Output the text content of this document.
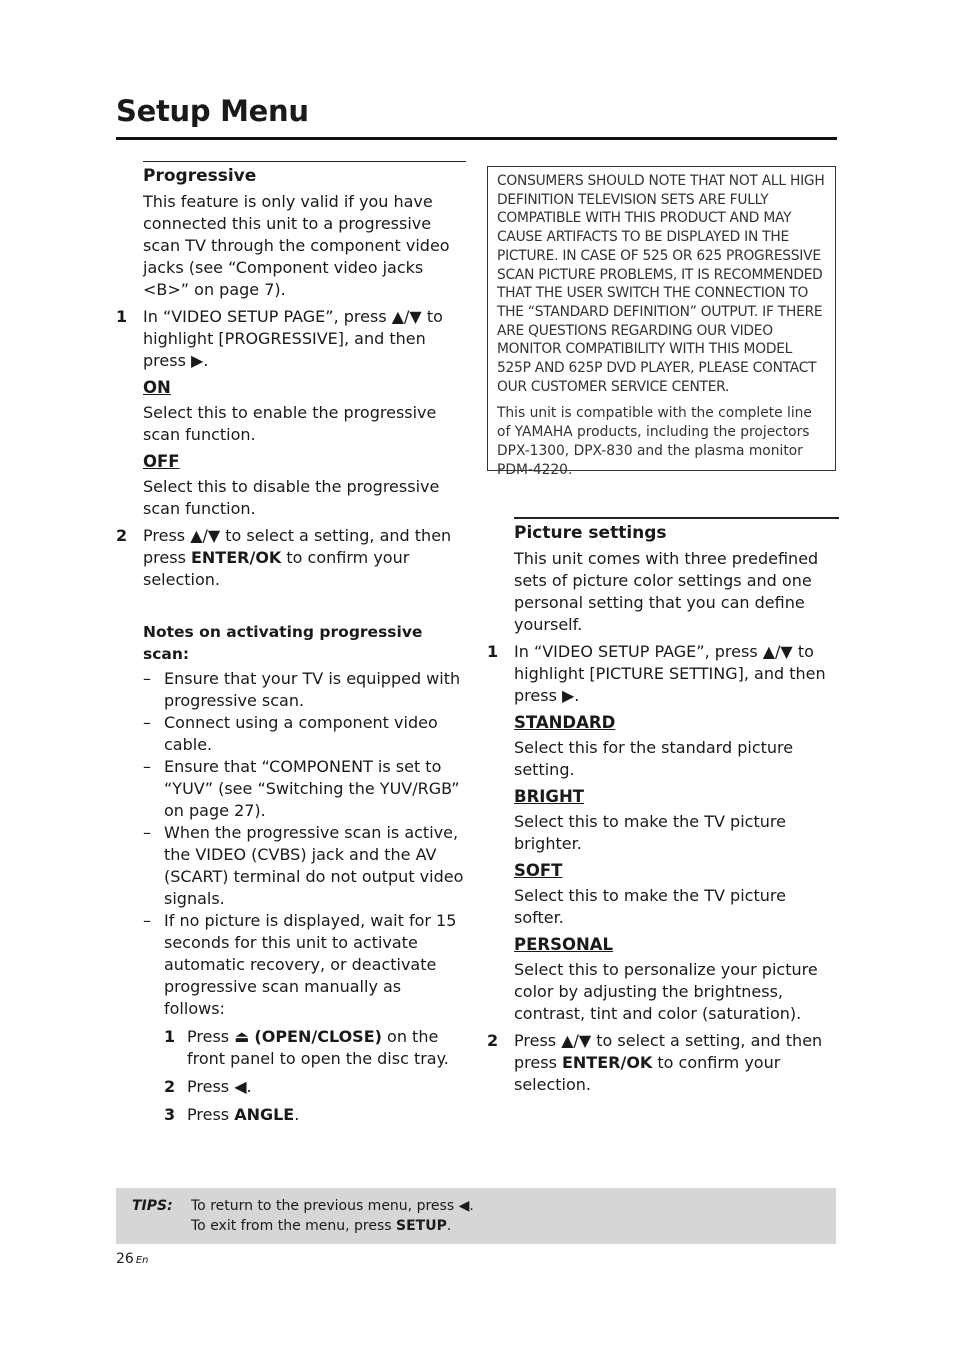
Setup Menu
Progressive

This feature is only valid if you have connected this unit to a progressive scan TV through the component video jacks (see “Component video jacks <B>” on page 7).

1 In “VIDEO SETUP PAGE”, press ▲/▼ to highlight [PROGRESSIVE], and then press ▶.
ON

Select this to enable the progressive scan function.

OFF

Select this to disable the progressive scan function.

2 Press ▲/▼ to select a setting, and then press ENTER/OK to confirm your selection.
Notes on activating progressive scan:
– Ensure that your TV is equipped with progressive scan.
– Connect using a component video cable.
– Ensure that “COMPONENT is set to “YUV” (see “Switching the YUV/RGB” on page 27).
– When the progressive scan is active, the VIDEO (CVBS) jack and the AV (SCART) terminal do not output video signals.
– If no picture is displayed, wait for 15 seconds for this unit to activate automatic recovery, or deactivate progressive scan manually as follows:
1 Press ⏏ (OPEN/CLOSE) on the front panel to open the disc tray.
2 Press ◀.
3 Press ANGLE.

CONSUMERS SHOULD NOTE THAT NOT ALL HIGH DEFINITION TELEVISION SETS ARE FULLY COMPATIBLE WITH THIS PRODUCT AND MAY CAUSE ARTIFACTS TO BE DISPLAYED IN THE PICTURE. IN CASE OF 525 OR 625 PROGRESSIVE SCAN PICTURE PROBLEMS, IT IS RECOMMENDED THAT THE USER SWITCH THE CONNECTION TO THE “STANDARD DEFINITION” OUTPUT. IF THERE ARE QUESTIONS REGARDING OUR VIDEO MONITOR COMPATIBILITY WITH THIS MODEL 525P AND 625P DVD PLAYER, PLEASE CONTACT OUR CUSTOMER SERVICE CENTER.

This unit is compatible with the complete line of YAMAHA products, including the projectors DPX-1300, DPX-830 and the plasma monitor PDM-4220.

Picture settings

This unit comes with three predefined sets of picture color settings and one personal setting that you can define yourself.

1 In “VIDEO SETUP PAGE”, press ▲/▼ to highlight [PICTURE SETTING], and then press ▶.
STANDARD

Select this for the standard picture setting.

BRIGHT

Select this to make the TV picture brighter.

SOFT

Select this to make the TV picture softer.

PERSONAL

Select this to personalize your picture color by adjusting the brightness, contrast, tint and color (saturation).

2 Press ▲/▼ to select a setting, and then press ENTER/OK to confirm your selection.
TIPS: To return to the previous menu, press ◀.
To exit from the menu, press SETUP.
26 En
